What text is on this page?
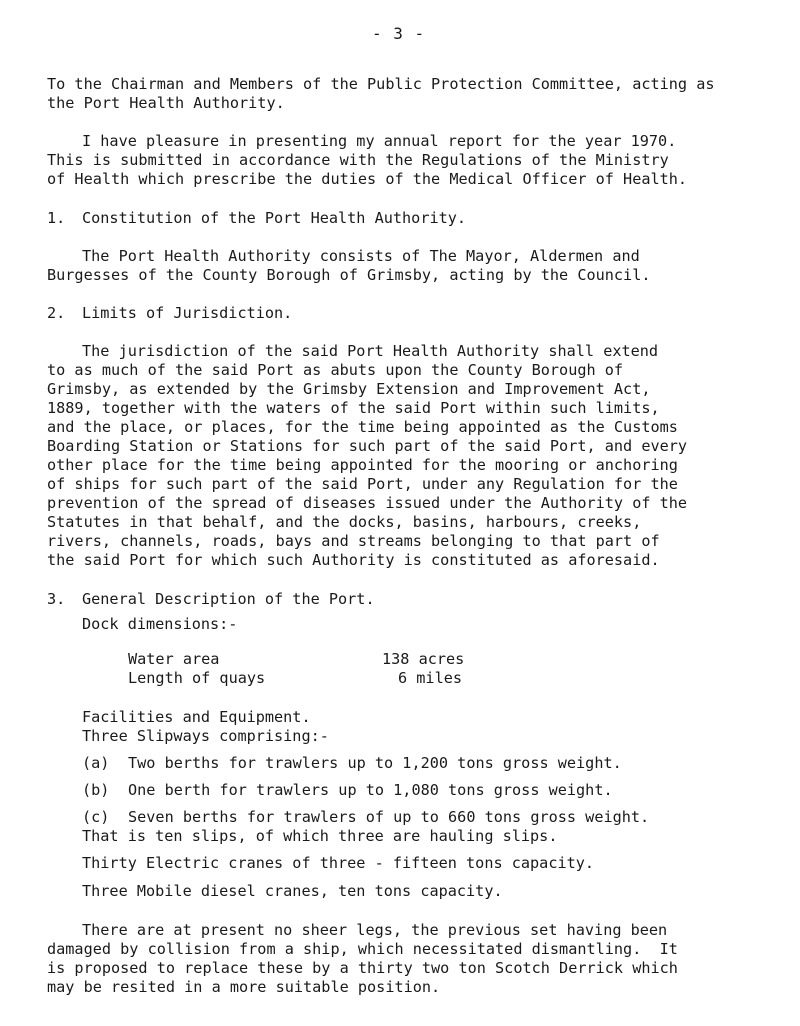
- 3 -
To the Chairman and Members of the Public Protection Committee, acting as
the Port Health Authority.
I have pleasure in presenting my annual report for the year 1970.
This is submitted in accordance with the Regulations of the Ministry
of Health which prescribe the duties of the Medical Officer of Health.
1. Constitution of the Port Health Authority.
The Port Health Authority consists of The Mayor, Aldermen and
Burgesses of the County Borough of Grimsby, acting by the Council.
2. Limits of Jurisdiction.
The jurisdiction of the said Port Health Authority shall extend
to as much of the said Port as abuts upon the County Borough of
Grimsby, as extended by the Grimsby Extension and Improvement Act,
1889, together with the waters of the said Port within such limits,
and the place, or places, for the time being appointed as the Customs
Boarding Station or Stations for such part of the said Port, and every
other place for the time being appointed for the mooring or anchoring
of ships for such part of the said Port, under any Regulation for the
prevention of the spread of diseases issued under the Authority of the
Statutes in that behalf, and the docks, basins, harbours, creeks,
rivers, channels, roads, bays and streams belonging to that part of
the said Port for which such Authority is constituted as aforesaid.
3. General Description of the Port.
Dock dimensions:-
Water area	138 acres
Length of quays	6 miles
Facilities and Equipment.
Three Slipways comprising:-
(a) Two berths for trawlers up to 1,200 tons gross weight.
(b) One berth for trawlers up to 1,080 tons gross weight.
(c) Seven berths for trawlers of up to 660 tons gross weight.
That is ten slips, of which three are hauling slips.
Thirty Electric cranes of three - fifteen tons capacity.
Three Mobile diesel cranes, ten tons capacity.
There are at present no sheer legs, the previous set having been
damaged by collision from a ship, which necessitated dismantling.  It
is proposed to replace these by a thirty two ton Scotch Derrick which
may be resited in a more suitable position.
